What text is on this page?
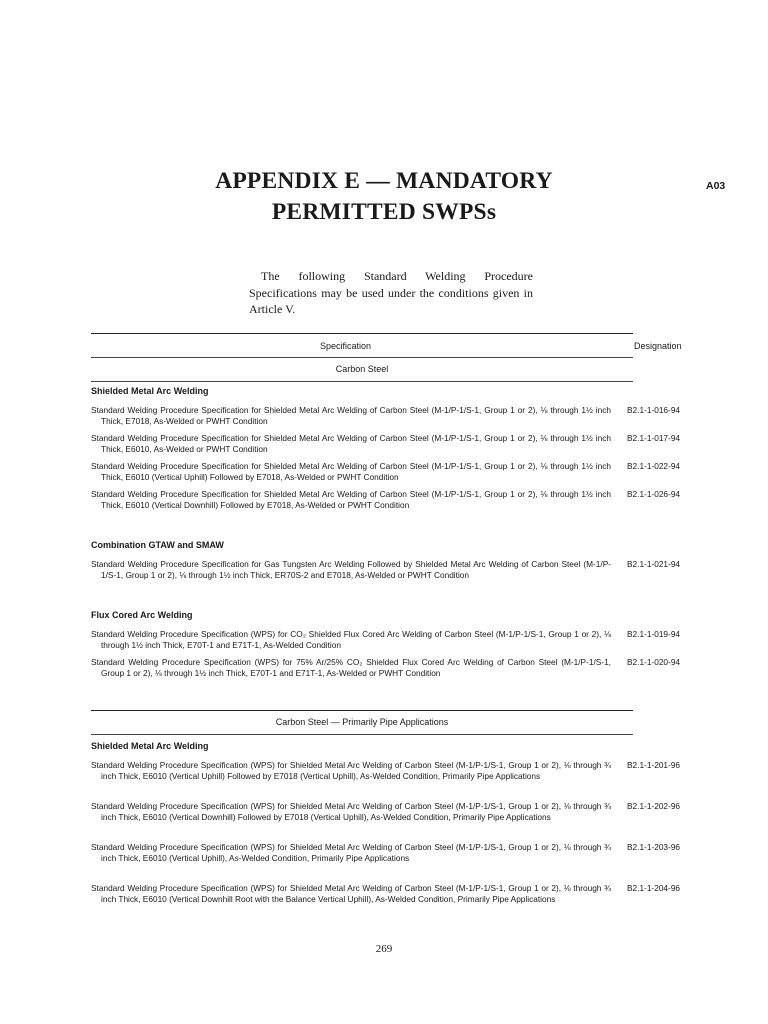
APPENDIX E — MANDATORY
PERMITTED SWPSs
A03
The following Standard Welding Procedure Specifications may be used under the conditions given in Article V.
Specification	Designation
Carbon Steel
Shielded Metal Arc Welding
Standard Welding Procedure Specification for Shielded Metal Arc Welding of Carbon Steel (M-1/P-1/S-1, Group 1 or 2), ⅛ through 1½ inch Thick, E7018, As-Welded or PWHT Condition
B2.1-1-016-94
Standard Welding Procedure Specification for Shielded Metal Arc Welding of Carbon Steel (M-1/P-1/S-1, Group 1 or 2), ⅛ through 1½ inch Thick, E6010, As-Welded or PWHT Condition
B2.1-1-017-94
Standard Welding Procedure Specification for Shielded Metal Arc Welding of Carbon Steel (M-1/P-1/S-1, Group 1 or 2), ⅛ through 1½ inch Thick, E6010 (Vertical Uphill) Followed by E7018, As-Welded or PWHT Condition
B2.1-1-022-94
Standard Welding Procedure Specification for Shielded Metal Arc Welding of Carbon Steel (M-1/P-1/S-1, Group 1 or 2), ⅛ through 1½ inch Thick, E6010 (Vertical Downhill) Followed by E7018, As-Welded or PWHT Condition
B2.1-1-026-94
Combination GTAW and SMAW
Standard Welding Procedure Specification for Gas Tungsten Arc Welding Followed by Shielded Metal Arc Welding of Carbon Steel (M-1/P-1/S-1, Group 1 or 2), ⅛ through 1½ inch Thick, ER70S-2 and E7018, As-Welded or PWHT Condition
B2.1-1-021-94
Flux Cored Arc Welding
Standard Welding Procedure Specification (WPS) for CO₂ Shielded Flux Cored Arc Welding of Carbon Steel (M-1/P-1/S-1, Group 1 or 2), ⅛ through 1½ inch Thick, E70T-1 and E71T-1, As-Welded Condition
B2.1-1-019-94
Standard Welding Procedure Specification (WPS) for 75% Ar/25% CO₂ Shielded Flux Cored Arc Welding of Carbon Steel (M-1/P-1/S-1, Group 1 or 2), ⅛ through 1½ inch Thick, E70T-1 and E71T-1, As-Welded or PWHT Condition
B2.1-1-020-94
Carbon Steel — Primarily Pipe Applications
Shielded Metal Arc Welding
Standard Welding Procedure Specification (WPS) for Shielded Metal Arc Welding of Carbon Steel (M-1/P-1/S-1, Group 1 or 2), ⅛ through ¾ inch Thick, E6010 (Vertical Uphill) Followed by E7018 (Vertical Uphill), As-Welded Condition, Primarily Pipe Applications
B2.1-1-201-96
Standard Welding Procedure Specification (WPS) for Shielded Metal Arc Welding of Carbon Steel (M-1/P-1/S-1, Group 1 or 2), ⅛ through ¾ inch Thick, E6010 (Vertical Downhill) Followed by E7018 (Vertical Uphill), As-Welded Condition, Primarily Pipe Applications
B2.1-1-202-96
Standard Welding Procedure Specification (WPS) for Shielded Metal Arc Welding of Carbon Steel (M-1/P-1/S-1, Group 1 or 2), ⅛ through ¾ inch Thick, E6010 (Vertical Uphill), As-Welded Condition, Primarily Pipe Applications
B2.1-1-203-96
Standard Welding Procedure Specification (WPS) for Shielded Metal Arc Welding of Carbon Steel (M-1/P-1/S-1, Group 1 or 2), ⅛ through ¾ inch Thick, E6010 (Vertical Downhill Root with the Balance Vertical Uphill), As-Welded Condition, Primarily Pipe Applications
B2.1-1-204-96
269
